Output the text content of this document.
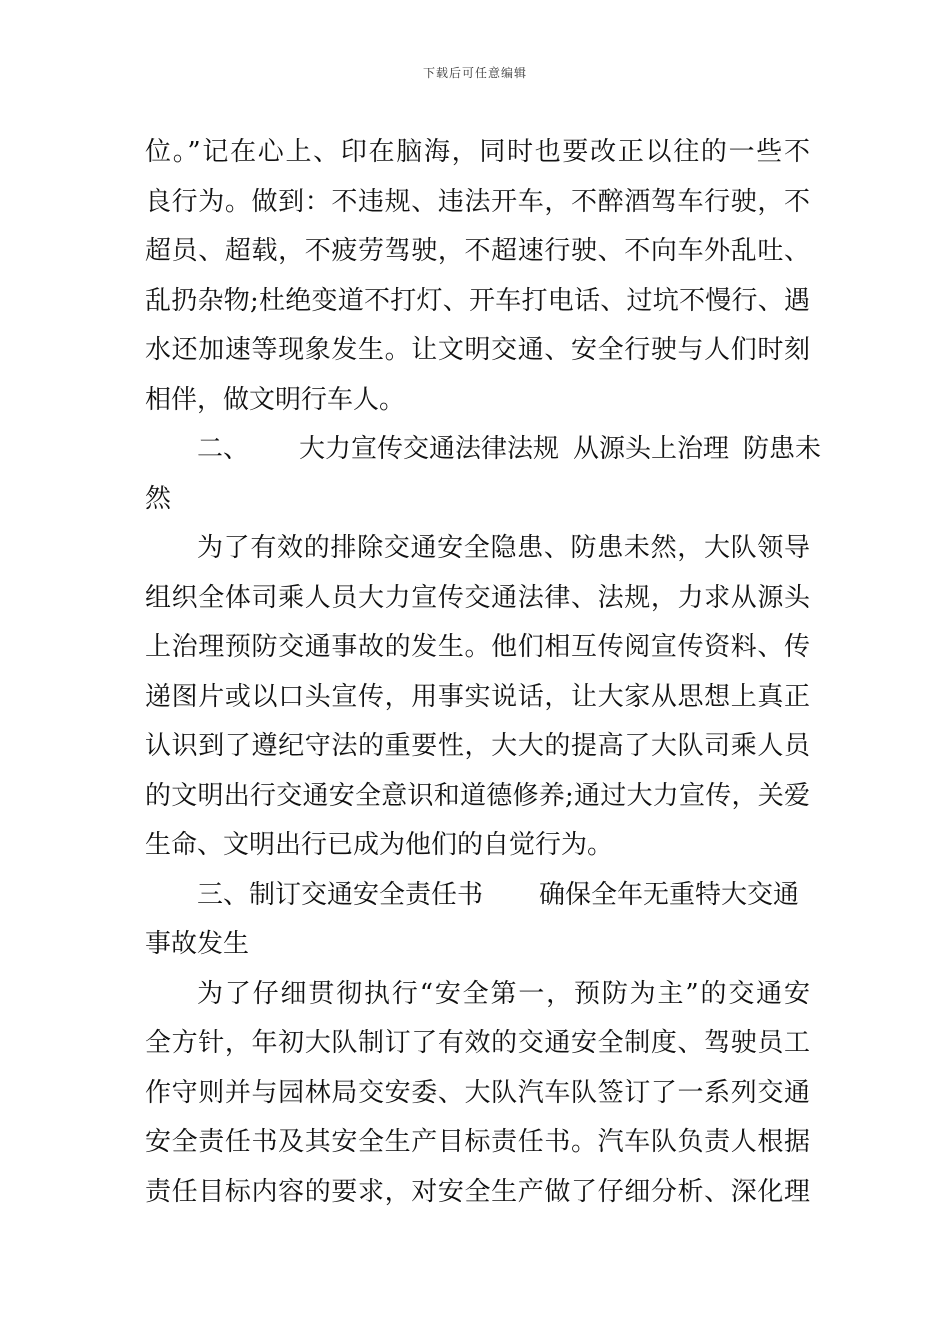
下载后可任意编辑
位。”记在心上、印在脑海，同时也要改正以往的一些不
良行为。做到：不违规、违法开车，不醉酒驾车行驶，不
超员、超载，不疲劳驾驶，不超速行驶、不向车外乱吐、
乱扔杂物;杜绝变道不打灯、开车打电话、过坑不慢行、遇
水还加速等现象发生。让文明交通、安全行驶与人们时刻
相伴，做文明行车人。
二、 大力宣传交通法律法规 从源头上治理 防患未
然
为了有效的排除交通安全隐患、防患未然，大队领导
组织全体司乘人员大力宣传交通法律、法规，力求从源头
上治理预防交通事故的发生。他们相互传阅宣传资料、传
递图片或以口头宣传，用事实说话，让大家从思想上真正
认识到了遵纪守法的重要性，大大的提高了大队司乘人员
的文明出行交通安全意识和道德修养;通过大力宣传，关爱
生命、文明出行已成为他们的自觉行为。
三、制订交通安全责任书 确保全年无重特大交通
事故发生
为了仔细贯彻执行“安全第一，预防为主”的交通安
全方针，年初大队制订了有效的交通安全制度、驾驶员工
作守则并与园林局交安委、大队汽车队签订了一系列交通
安全责任书及其安全生产目标责任书。汽车队负责人根据
责任目标内容的要求，对安全生产做了仔细分析、深化理
